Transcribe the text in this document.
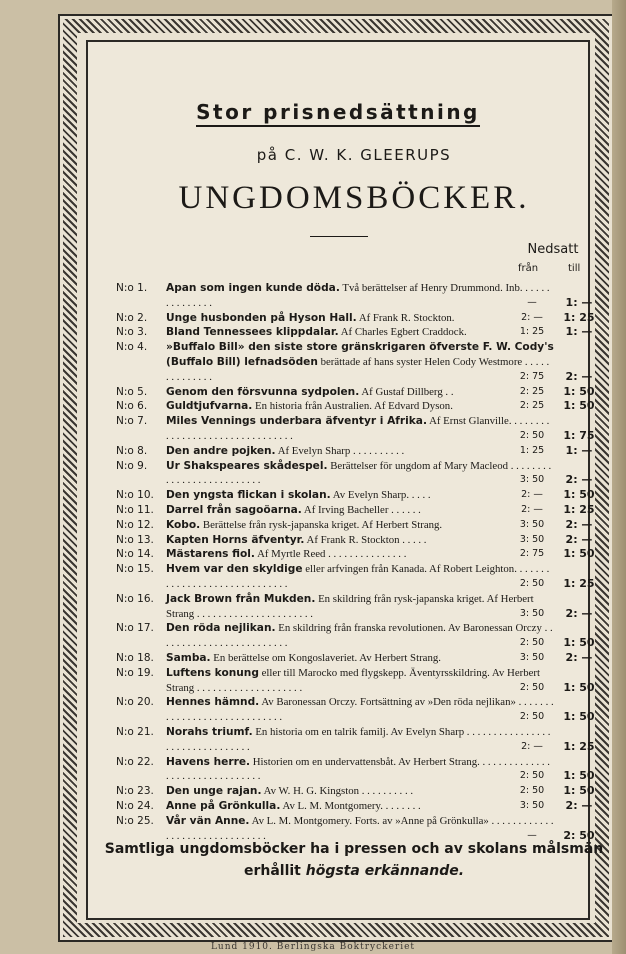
Stor prisnedsättning
på C. W. K. GLEERUPS
UNGDOMSBÖCKER.
Nedsatt
från	till
N:o 1.	Apan som ingen kunde döda. Två berättelser af Henry Drummond. Inb. . . . . . . . . . . . . . .	—	1: —
N:o 2.	Unge husbonden på Hyson Hall. Af Frank R. Stockton.	2: —	1: 25
N:o 3.	Bland Tennessees klippdalar. Af Charles Egbert Craddock.	1: 25	1: —
N:o 4.	»Buffalo Bill» den siste store gränskrigaren öfverste F. W. Cody's (Buffalo Bill) lefnadsöden berättade af hans syster Helen Cody Westmore . . . . . . . . . . . . . .	2: 75	2: —
N:o 5.	Genom den försvunna sydpolen. Af Gustaf Dillberg . .	2: 25	1: 50
N:o 6.	Guldtjufvarna. En historia från Australien. Af Edvard Dyson.	2: 25	1: 50
N:o 7.	Miles Vennings underbara äfventyr i Afrika. Af Ernst Glanville. . . . . . . . . . . . . . . . . . . . . . . . . . . . . . . .	2: 50	1: 75
N:o 8.	Den andre pojken. Af Evelyn Sharp . . . . . . . . . .	1: 25	1: —
N:o 9.	Ur Shakspeares skådespel. Berättelser för ungdom af Mary Macleod . . . . . . . . . . . . . . . . . . . . . . . . . .	3: 50	2: —
N:o 10.	Den yngsta flickan i skolan. Av Evelyn Sharp. . . . .	2: —	1: 50
N:o 11.	Darrel från sagoöarna. Af Irving Bacheller . . . . . .	2: —	1: 25
N:o 12.	Kobo. Berättelse från rysk-japanska kriget. Af Herbert Strang.	3: 50	2: —
N:o 13.	Kapten Horns äfventyr. Af Frank R. Stockton . . . . .	3: 50	2: —
N:o 14.	Mästarens fiol. Af Myrtle Reed . . . . . . . . . . . . . . .	2: 75	1: 50
N:o 15.	Hvem var den skyldige eller arfvingen från Kanada. Af Robert Leighton. . . . . . . . . . . . . . . . . . . . . . . . . . . . . .	2: 50	1: 25
N:o 16.	Jack Brown från Mukden. En skildring från rysk-japanska kriget. Af Herbert Strang . . . . . . . . . . . . . . . . . . . . . .	3: 50	2: —
N:o 17.	Den röda nejlikan. En skildring från franska revolutionen. Av Baronessan Orczy . . . . . . . . . . . . . . . . . . . . . . . . .	2: 50	1: 50
N:o 18.	Samba. En berättelse om Kongoslaveriet. Av Herbert Strang.	3: 50	2: —
N:o 19.	Luftens konung eller till Marocko med flygskepp. Äventyrsskildring. Av Herbert Strang . . . . . . . . . . . . . . . . . . . .	2: 50	1: 50
N:o 20.	Hennes hämnd. Av Baronessan Orczy. Fortsättning av »Den röda nejlikan» . . . . . . . . . . . . . . . . . . . . . . . . . . . . .	2: 50	1: 50
N:o 21.	Norahs triumf. En historia om en talrik familj. Av Evelyn Sharp . . . . . . . . . . . . . . . . . . . . . . . . . . . . . . . .	2: —	1: 25
N:o 22.	Havens herre. Historien om en undervattensbåt. Av Herbert Strang. . . . . . . . . . . . . . . . . . . . . . . . . . . . . . . .	2: 50	1: 50
N:o 23.	Den unge rajan. Av W. H. G. Kingston . . . . . . . . . .	2: 50	1: 50
N:o 24.	Anne på Grönkulla. Av L. M. Montgomery. . . . . . . .	3: 50	2: —
N:o 25.	Vår vän Anne. Av L. M. Montgomery. Forts. av »Anne på Grönkulla» . . . . . . . . . . . . . . . . . . . . . . . . . . . . . . .	—	2: 50
Samtliga ungdomsböcker ha i pressen och av skolans målsmän
erhållit högsta erkännande.
Lund 1910. Berlingska Boktryckeriet
